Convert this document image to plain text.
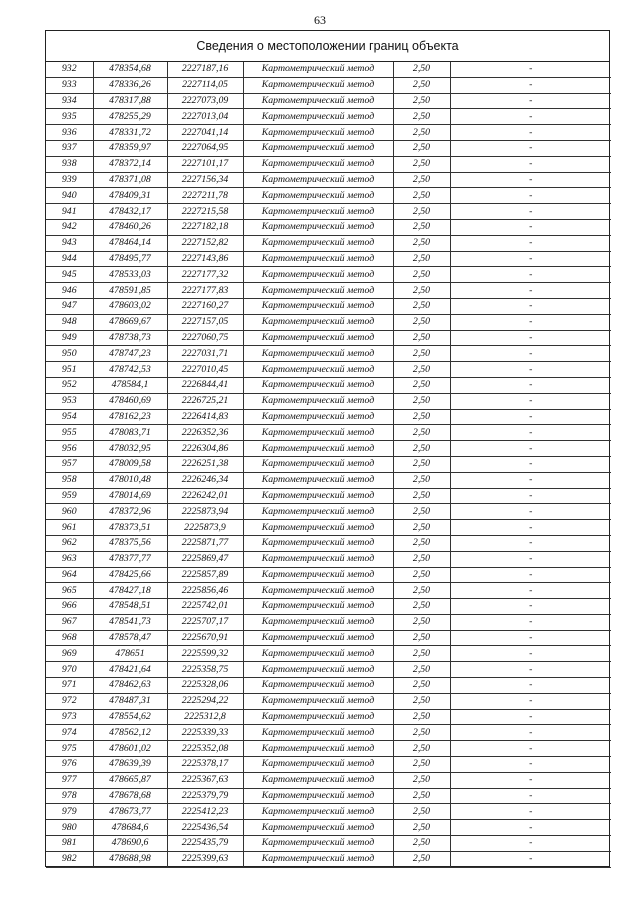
63
Сведения о местоположении границ объекта
932	478354,68	2227187,16	Картометрический метод	2,50	-
933	478336,26	2227114,05	Картометрический метод	2,50	-
934	478317,88	2227073,09	Картометрический метод	2,50	-
935	478255,29	2227013,04	Картометрический метод	2,50	-
936	478331,72	2227041,14	Картометрический метод	2,50	-
937	478359,97	2227064,95	Картометрический метод	2,50	-
938	478372,14	2227101,17	Картометрический метод	2,50	-
939	478371,08	2227156,34	Картометрический метод	2,50	-
940	478409,31	2227211,78	Картометрический метод	2,50	-
941	478432,17	2227215,58	Картометрический метод	2,50	-
942	478460,26	2227182,18	Картометрический метод	2,50	-
943	478464,14	2227152,82	Картометрический метод	2,50	-
944	478495,77	2227143,86	Картометрический метод	2,50	-
945	478533,03	2227177,32	Картометрический метод	2,50	-
946	478591,85	2227177,83	Картометрический метод	2,50	-
947	478603,02	2227160,27	Картометрический метод	2,50	-
948	478669,67	2227157,05	Картометрический метод	2,50	-
949	478738,73	2227060,75	Картометрический метод	2,50	-
950	478747,23	2227031,71	Картометрический метод	2,50	-
951	478742,53	2227010,45	Картометрический метод	2,50	-
952	478584,1	2226844,41	Картометрический метод	2,50	-
953	478460,69	2226725,21	Картометрический метод	2,50	-
954	478162,23	2226414,83	Картометрический метод	2,50	-
955	478083,71	2226352,36	Картометрический метод	2,50	-
956	478032,95	2226304,86	Картометрический метод	2,50	-
957	478009,58	2226251,38	Картометрический метод	2,50	-
958	478010,48	2226246,34	Картометрический метод	2,50	-
959	478014,69	2226242,01	Картометрический метод	2,50	-
960	478372,96	2225873,94	Картометрический метод	2,50	-
961	478373,51	2225873,9	Картометрический метод	2,50	-
962	478375,56	2225871,77	Картометрический метод	2,50	-
963	478377,77	2225869,47	Картометрический метод	2,50	-
964	478425,66	2225857,89	Картометрический метод	2,50	-
965	478427,18	2225856,46	Картометрический метод	2,50	-
966	478548,51	2225742,01	Картометрический метод	2,50	-
967	478541,73	2225707,17	Картометрический метод	2,50	-
968	478578,47	2225670,91	Картометрический метод	2,50	-
969	478651	2225599,32	Картометрический метод	2,50	-
970	478421,64	2225358,75	Картометрический метод	2,50	-
971	478462,63	2225328,06	Картометрический метод	2,50	-
972	478487,31	2225294,22	Картометрический метод	2,50	-
973	478554,62	2225312,8	Картометрический метод	2,50	-
974	478562,12	2225339,33	Картометрический метод	2,50	-
975	478601,02	2225352,08	Картометрический метод	2,50	-
976	478639,39	2225378,17	Картометрический метод	2,50	-
977	478665,87	2225367,63	Картометрический метод	2,50	-
978	478678,68	2225379,79	Картометрический метод	2,50	-
979	478673,77	2225412,23	Картометрический метод	2,50	-
980	478684,6	2225436,54	Картометрический метод	2,50	-
981	478690,6	2225435,79	Картометрический метод	2,50	-
982	478688,98	2225399,63	Картометрический метод	2,50	-
